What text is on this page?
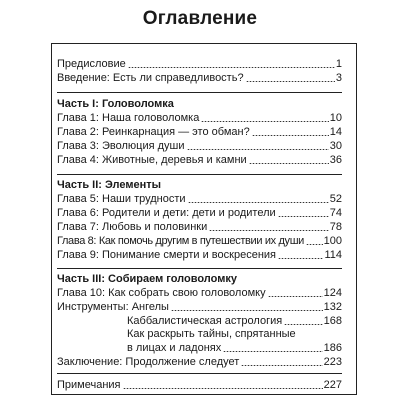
Оглавление
Предисловие	1
Введение: Есть ли справедливость?	3
Часть I: Головоломка
Глава 1: Наша головоломка	10
Глава 2: Реинкарнация — это обман?	14
Глава 3: Эволюция души	30
Глава 4: Животные, деревья и камни	36
Часть II: Элементы
Глава 5: Наши трудности	52
Глава 6: Родители и дети: дети и родители	74
Глава 7: Любовь и половинки	78
Глава 8: Как помочь другим в путешествии их души 100
Глава 9: Понимание смерти и воскресения	114
Часть III: Собираем головоломку
Глава 10: Как собрать свою головоломку	124
Инструменты: Ангелы	132
Каббалистическая астрология	168
Как раскрыть тайны, спрятанные
в лицах и ладонях	186
Заключение: Продолжение следует	223
Примечания	227
